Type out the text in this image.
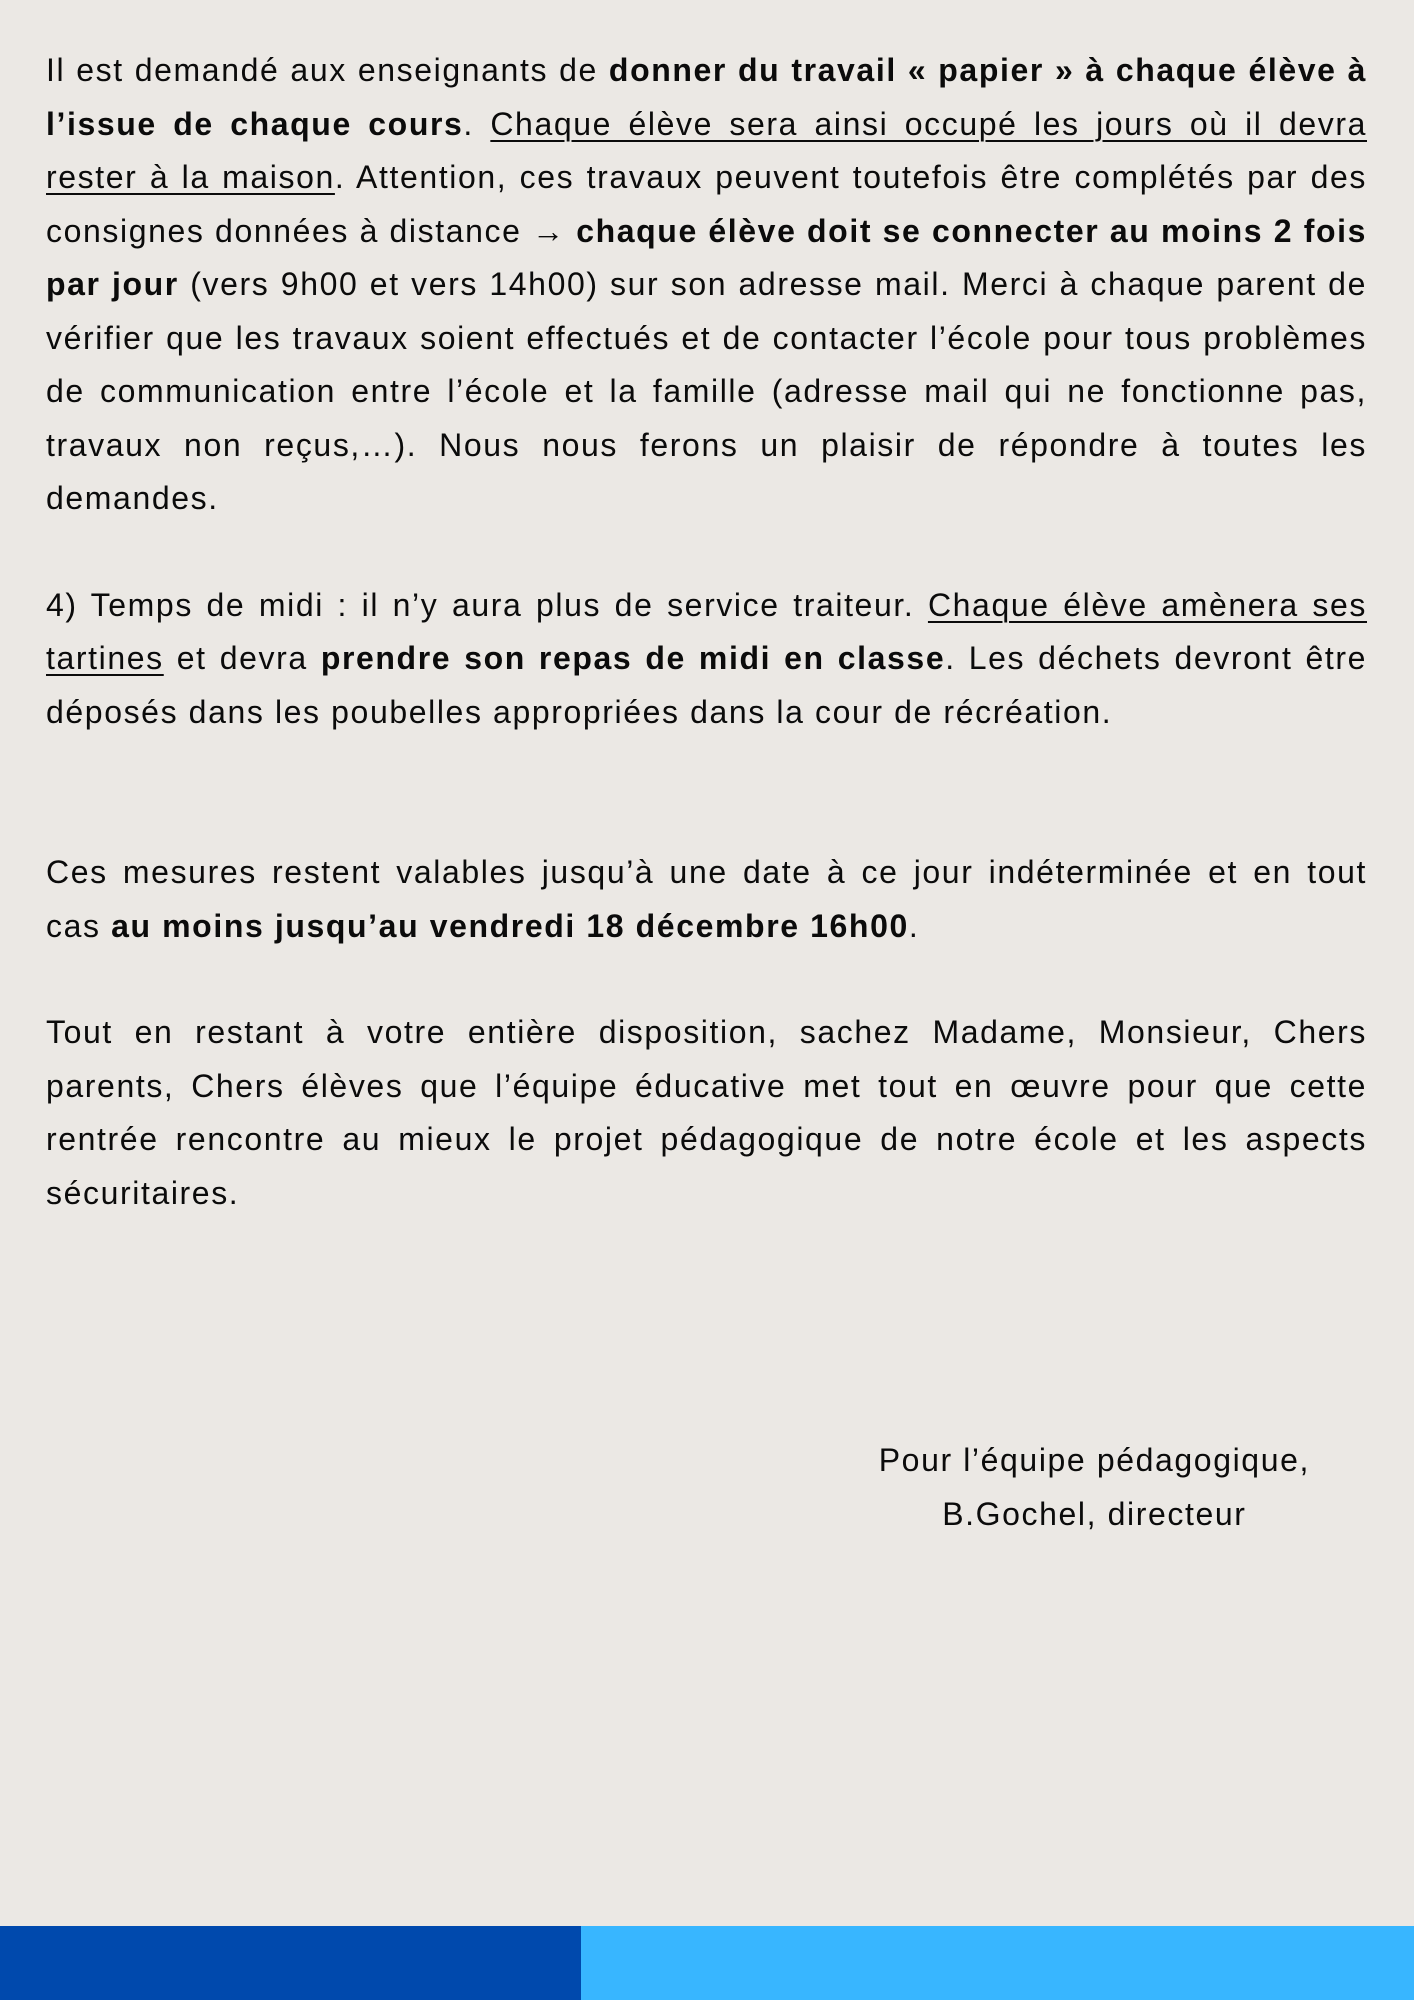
Il est demandé aux enseignants de donner du travail « papier » à chaque élève à l’issue de chaque cours. Chaque élève sera ainsi occupé les jours où il devra rester à la maison. Attention, ces travaux peuvent toutefois être complétés par des consignes données à distance → chaque élève doit se connecter au moins 2 fois par jour (vers 9h00 et vers 14h00) sur son adresse mail. Merci à chaque parent de vérifier que les travaux soient effectués et de contacter l’école pour tous problèmes de communication entre l’école et la famille (adresse mail qui ne fonctionne pas, travaux non reçus,…). Nous nous ferons un plaisir de répondre à toutes les demandes.

4) Temps de midi : il n’y aura plus de service traiteur. Chaque élève amènera ses tartines et devra prendre son repas de midi en classe. Les déchets devront être déposés dans les poubelles appropriées dans la cour de récréation.

Ces mesures restent valables jusqu’à une date à ce jour indéterminée et en tout cas au moins jusqu’au vendredi 18 décembre 16h00.

Tout en restant à votre entière disposition, sachez Madame, Monsieur, Chers parents, Chers élèves que l’équipe éducative met tout en œuvre pour que cette rentrée rencontre au mieux le projet pédagogique de notre école et les aspects sécuritaires.

Pour l’équipe pédagogique,
B.Gochel, directeur
